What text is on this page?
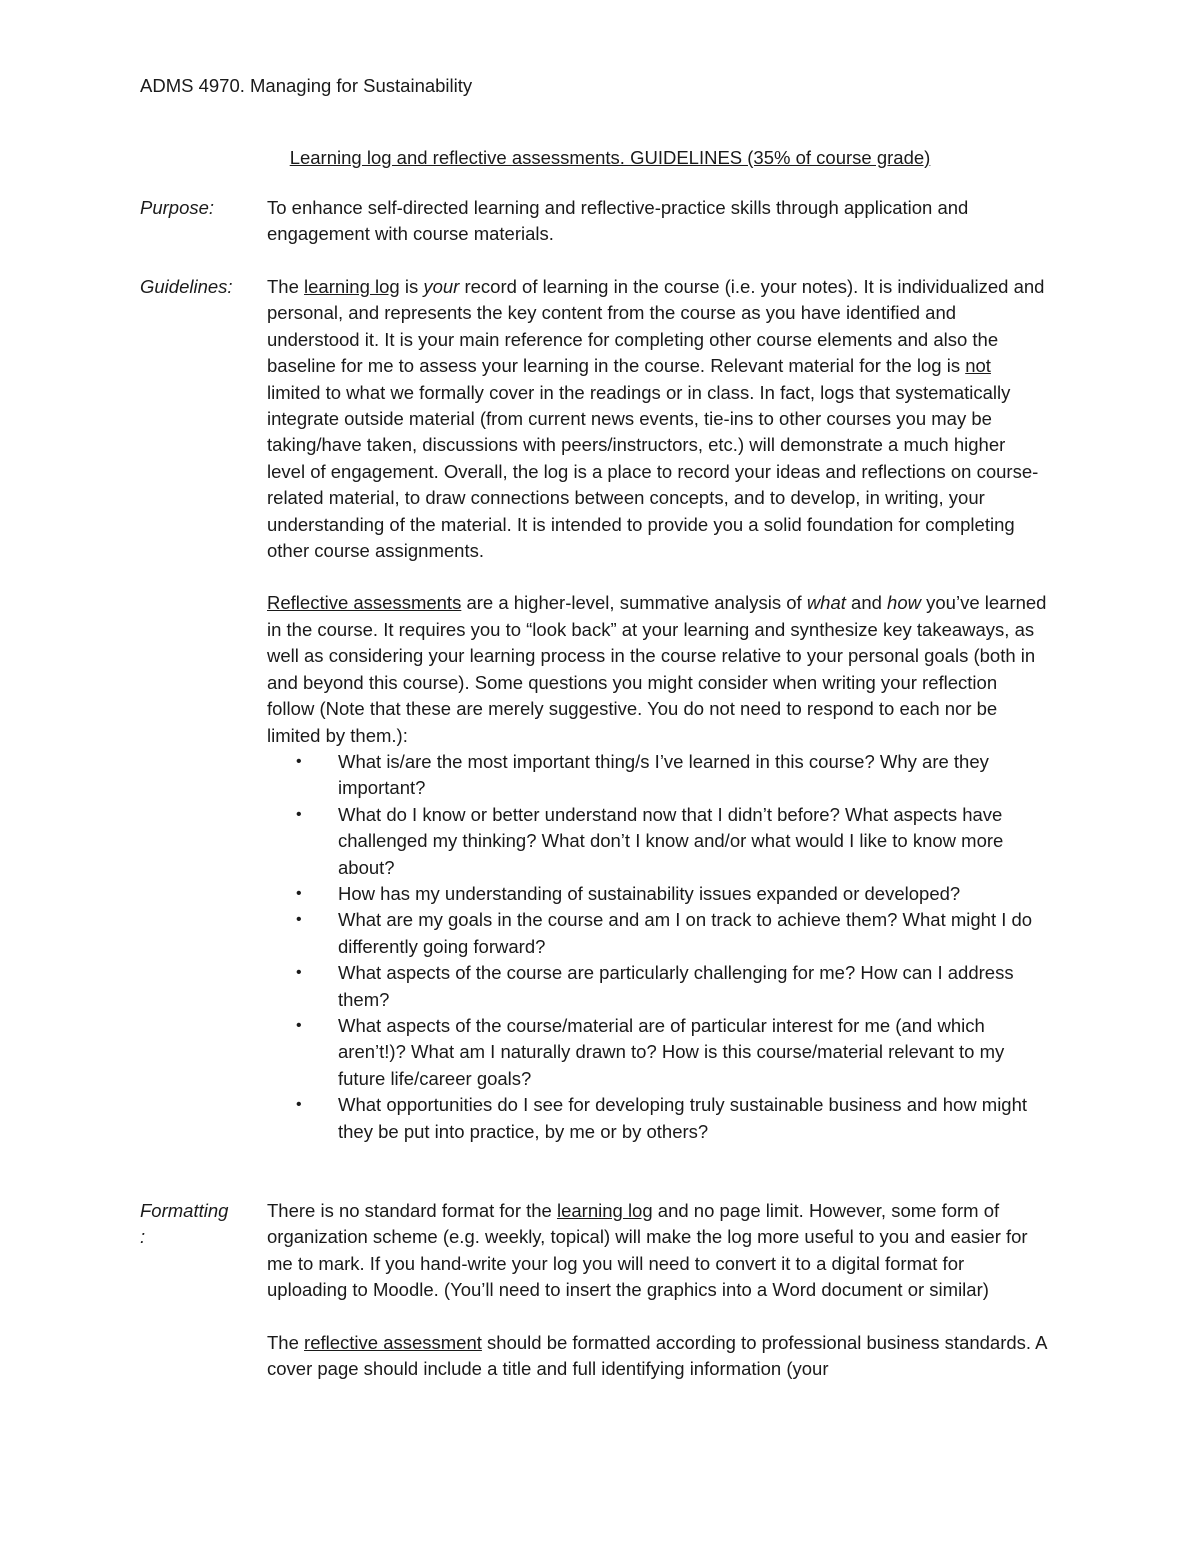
ADMS 4970. Managing for Sustainability
Learning log and reflective assessments. GUIDELINES (35% of course grade)
Purpose:	To enhance self-directed learning and reflective-practice skills through application and engagement with course materials.

Guidelines:	The learning log is your record of learning in the course (i.e. your notes). It is individualized and personal, and represents the key content from the course as you have identified and understood it. It is your main reference for completing other course elements and also the baseline for me to assess your learning in the course. Relevant material for the log is not limited to what we formally cover in the readings or in class. In fact, logs that systematically integrate outside material (from current news events, tie-ins to other courses you may be taking/have taken, discussions with peers/instructors, etc.) will demonstrate a much higher level of engagement. Overall, the log is a place to record your ideas and reflections on course-related material, to draw connections between concepts, and to develop, in writing, your understanding of the material. It is intended to provide you a solid foundation for completing other course assignments.

Reflective assessments are a higher-level, summative analysis of what and how you’ve learned in the course. It requires you to “look back” at your learning and synthesize key takeaways, as well as considering your learning process in the course relative to your personal goals (both in and beyond this course). Some questions you might consider when writing your reflection follow (Note that these are merely suggestive. You do not need to respond to each nor be limited by them.):

• What is/are the most important thing/s I’ve learned in this course? Why are they important?
• What do I know or better understand now that I didn’t before? What aspects have challenged my thinking? What don’t I know and/or what would I like to know more about?
• How has my understanding of sustainability issues expanded or developed?
• What are my goals in the course and am I on track to achieve them? What might I do differently going forward?
• What aspects of the course are particularly challenging for me? How can I address them?
• What aspects of the course/material are of particular interest for me (and which aren’t!)? What am I naturally drawn to? How is this course/material relevant to my future life/career goals?
• What opportunities do I see for developing truly sustainable business and how might they be put into practice, by me or by others?
Formatting
:

There is no standard format for the learning log and no page limit. However, some form of organization scheme (e.g. weekly, topical) will make the log more useful to you and easier for me to mark. If you hand-write your log you will need to convert it to a digital format for uploading to Moodle. (You’ll need to insert the graphics into a Word document or similar)

The reflective assessment should be formatted according to professional business standards. A cover page should include a title and full identifying information (your
